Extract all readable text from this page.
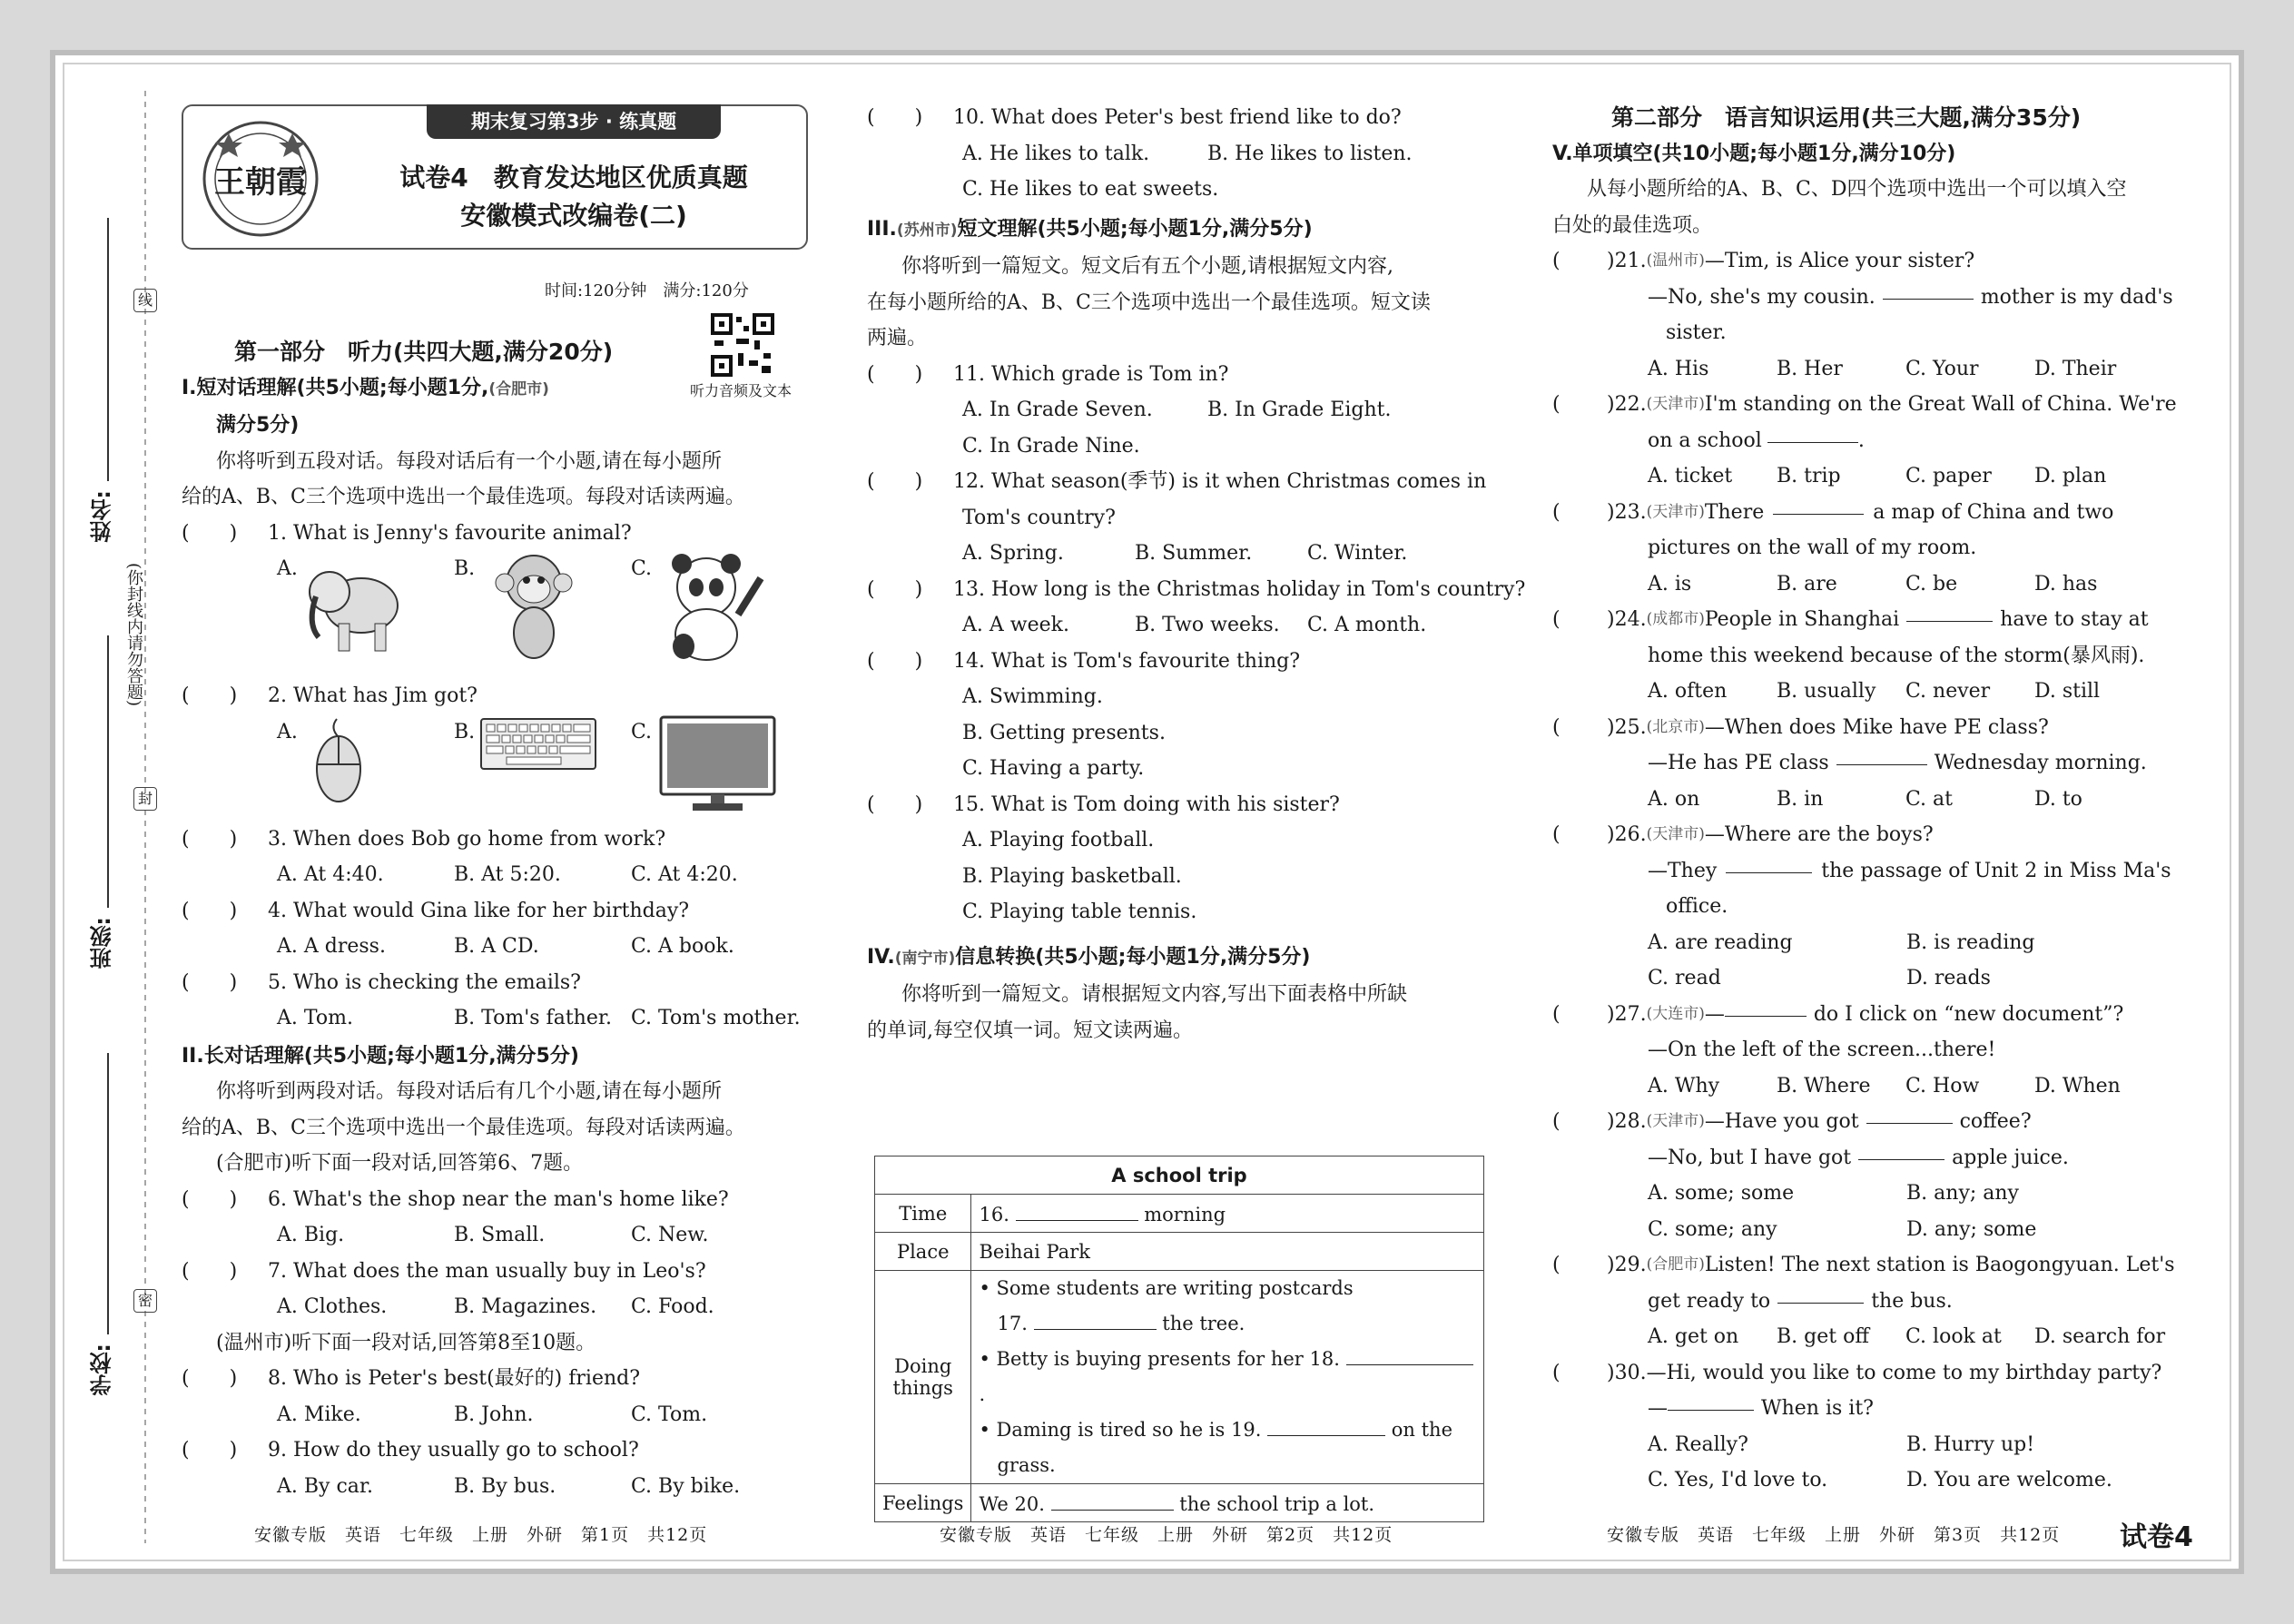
姓名:
班级:
学校:
(你封线内请勿答题)
线
封
密
王朝霞
期末复习第3步 · 练真题
试卷4　教育发达地区优质真题
安徽模式改编卷(二)
时间:120分钟　满分:120分
听力音频及文本
第一部分　听力(共四大题,满分20分)
I.短对话理解(共5小题;每小题1分,(合肥市)
满分5分)
你将听到五段对话。每段对话后有一个小题,请在每小题所
给的A、B、C三个选项中选出一个最佳选项。每段对话读两遍。
(　　)	1. What is Jenny's favourite animal?
A.	B.	C.
(　　)	2. What has Jim got?
A.	B.	C.
(　　)	3. When does Bob go home from work?
A. At 4:40.	B. At 5:20.	C. At 4:20.
(　　)	4. What would Gina like for her birthday?
A. A dress.	B. A CD.	C. A book.
(　　)	5. Who is checking the emails?
A. Tom.	B. Tom's father. C. Tom's mother.
II.长对话理解(共5小题;每小题1分,满分5分)
你将听到两段对话。每段对话后有几个小题,请在每小题所
给的A、B、C三个选项中选出一个最佳选项。每段对话读两遍。
(合肥市)听下面一段对话,回答第6、7题。
(　　)	6. What's the shop near the man's home like?
A. Big.	B. Small.	C. New.
(　　)	7. What does the man usually buy in Leo's?
A. Clothes.	B. Magazines.	C. Food.
(温州市)听下面一段对话,回答第8至10题。
(　　)	8. Who is Peter's best(最好的) friend?
A. Mike.	B. John.	C. Tom.
(　　)	9. How do they usually go to school?
A. By car.	B. By bus.	C. By bike.
(　　)	10. What does Peter's best friend like to do?
A. He likes to talk.	B. He likes to listen.
C. He likes to eat sweets.
III.(苏州市)短文理解(共5小题;每小题1分,满分5分)
你将听到一篇短文。短文后有五个小题,请根据短文内容,
在每小题所给的A、B、C三个选项中选出一个最佳选项。短文读
两遍。
(　　)	11. Which grade is Tom in?
A. In Grade Seven.	B. In Grade Eight.
C. In Grade Nine.
(　　)	12. What season(季节) is it when Christmas comes in
Tom's country?
A. Spring.	B. Summer.	C. Winter.
(　　)	13. How long is the Christmas holiday in Tom's country?
A. A week.	B. Two weeks.	C. A month.
(　　)	14. What is Tom's favourite thing?
A. Swimming.
B. Getting presents.
C. Having a party.
(　　)	15. What is Tom doing with his sister?
A. Playing football.
B. Playing basketball.
C. Playing table tennis.
IV.(南宁市)信息转换(共5小题;每小题1分,满分5分)
你将听到一篇短文。请根据短文内容,写出下面表格中所缺
的单词,每空仅填一词。短文读两遍。
A school trip	
Time	16. morning
Place	Beihai Park
Doing things	• Some students are writing postcards
17. the tree.
• Betty is buying presents for her 18. .
• Daming is tired so he is 19. on the
grass.

Feelings	We 20. the school trip a lot.
第二部分　语言知识运用(共三大题,满分35分)
V.单项填空(共10小题;每小题1分,满分10分)
从每小题所给的A、B、C、D四个选项中选出一个可以填入空
白处的最佳选项。
(	)21. (温州市) —Tim, is Alice your sister?
—No, she's my cousin.	mother is my dad's
sister.
A. His	B. Her	C. Your	D. Their
(	)22. (天津市) I'm standing on the Great Wall of China. We're
on a school	.
A. ticket	B. trip	C. paper	D. plan
(	)23. (天津市) There	a map of China and two
pictures on the wall of my room.
A. is	B. are	C. be	D. has
(	)24. (成都市) People in Shanghai	have to stay at
home this weekend because of the storm(暴风雨).
A. often	B. usually	C. never	D. still
(	)25. (北京市) —When does Mike have PE class?
—He has PE class	Wednesday morning.
A. on	B. in	C. at	D. to
(	)26. (天津市) —Where are the boys?
—They	the passage of Unit 2 in Miss Ma's
office.
A. are reading	B. is reading
C. read	D. reads
(	)27. (大连市) —	do I click on “new document”?
—On the left of the screen...there!
A. Why	B. Where	C. How	D. When
(	)28. (天津市) —Have you got	coffee?
—No, but I have got	apple juice.
A. some; some	B. any; any
C. some; any	D. any; some
(	)29. (合肥市) Listen! The next station is Baogongyuan. Let's
get ready to	the bus.
A. get on	B. get off	C. look at	D. search for
(	)30. —Hi, would you like to come to my birthday party?
—	When is it?
A. Really?	B. Hurry up!
C. Yes, I'd love to.	D. You are welcome.
安徽专版　英语　七年级　上册　外研　第1页　共12页	安徽专版　英语　七年级　上册　外研　第2页　共12页	安徽专版　英语　七年级　上册　外研　第3页　共12页 试卷4
